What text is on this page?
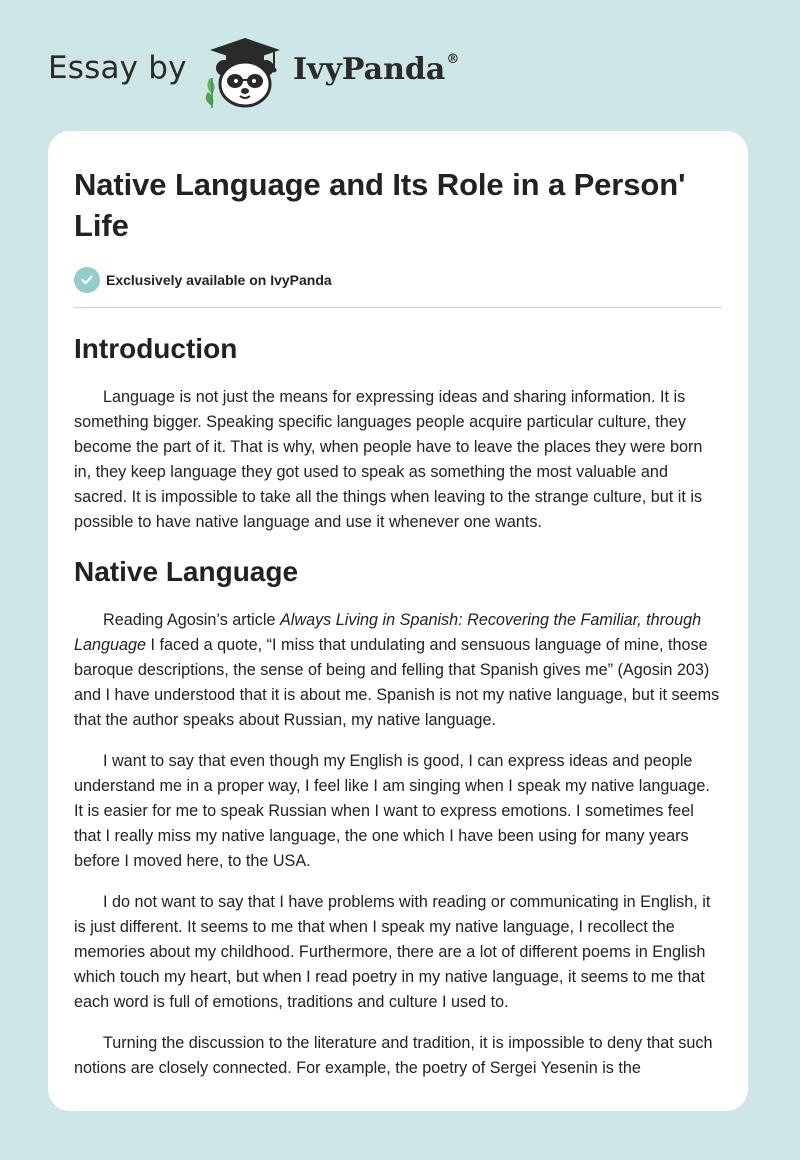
Essay by	IvyPanda®
Native Language and Its Role in a Person' Life
Exclusively available on IvyPanda
Introduction

Language is not just the means for expressing ideas and sharing information. It is something bigger. Speaking specific languages people acquire particular culture, they become the part of it. That is why, when people have to leave the places they were born in, they keep language they got used to speak as something the most valuable and sacred. It is impossible to take all the things when leaving to the strange culture, but it is possible to have native language and use it whenever one wants.

Native Language

Reading Agosin’s article Always Living in Spanish: Recovering the Familiar, through Language I faced a quote, “I miss that undulating and sensuous language of mine, those baroque descriptions, the sense of being and felling that Spanish gives me” (Agosin 203) and I have understood that it is about me. Spanish is not my native language, but it seems that the author speaks about Russian, my native language.

I want to say that even though my English is good, I can express ideas and people understand me in a proper way, I feel like I am singing when I speak my native language. It is easier for me to speak Russian when I want to express emotions. I sometimes feel that I really miss my native language, the one which I have been using for many years before I moved here, to the USA.

I do not want to say that I have problems with reading or communicating in English, it is just different. It seems to me that when I speak my native language, I recollect the memories about my childhood. Furthermore, there are a lot of different poems in English which touch my heart, but when I read poetry in my native language, it seems to me that each word is full of emotions, traditions and culture I used to.

Turning the discussion to the literature and tradition, it is impossible to deny that such notions are closely connected. For example, the poetry of Sergei Yesenin is the
